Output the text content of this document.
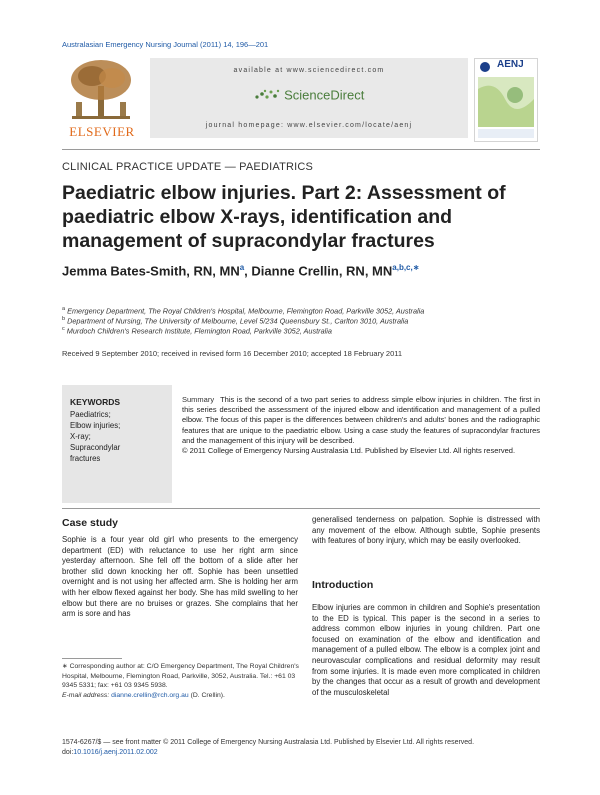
Australasian Emergency Nursing Journal (2011) 14, 196—201
ELSEVIER
available at www.sciencedirect.com
ScienceDirect
journal homepage: www.elsevier.com/locate/aenj
AENJ
CLINICAL PRACTICE UPDATE — PAEDIATRICS
Paediatric elbow injuries. Part 2: Assessment of paediatric elbow X-rays, identification and management of supracondylar fractures
Jemma Bates-Smith, RN, $MN^a$, Dianne Crellin, RN, $MN^{a,b,c,∗}$
$^a$ Emergency Department, The Royal Children's Hospital, Melbourne, Flemington Road, Parkville 3052, Australia
$^b$ Department of Nursing, The University of Melbourne, Level 5/234 Queensbury St., Carlton 3010, Australia
$^c$ Murdoch Children's Research Institute, Flemington Road, Parkville 3052, Australia
Received 9 September 2010; received in revised form 16 December 2010; accepted 18 February 2011
KEYWORDS
Paediatrics;
Elbow injuries;
X-ray;
Supracondylar
fractures
Summary This is the second of a two part series to address simple elbow injuries in children. The first in this series described the assessment of the injured elbow and identification and management of a pulled elbow. The focus of this paper is the differences between children's and adults' bones and the radiographic features that are unique to the paediatric elbow. Using a case study the features of supracondylar fractures and the management of this injury will be described.
© 2011 College of Emergency Nursing Australasia Ltd. Published by Elsevier Ltd. All rights reserved.
Case study
Sophie is a four year old girl who presents to the emergency department (ED) with reluctance to use her right arm since yesterday afternoon. She fell off the bottom of a slide after her brother slid down knocking her off. Sophie has been unsettled overnight and is not using her affected arm. She is holding her arm with her elbow flexed against her body. She has mild swelling to her elbow but there are no bruises or grazes. She complains that her arm is sore and has
generalised tenderness on palpation. Sophie is distressed with any movement of the elbow. Although subtle, Sophie presents with features of bony injury, which may be easily overlooked.
Introduction
Elbow injuries are common in children and Sophie's presentation to the ED is typical. This paper is the second in a series to address common elbow injuries in young children. Part one focused on examination of the elbow and identification and management of a pulled elbow. The elbow is a complex joint and neurovascular complications and residual deformity may result from some injuries. It is made even more complicated in children by the changes that occur as a result of growth and development of the musculoskeletal
∗ Corresponding author at: C/O Emergency Department, The Royal Children's Hospital, Melbourne, Flemington Road, Parkville, 3052, Australia. Tel.: +61 03 9345 5331; fax: +61 03 9345 5938.
E-mail address: dianne.crellin@rch.org.au (D. Crellin).
1574-6267/$ — see front matter © 2011 College of Emergency Nursing Australasia Ltd. Published by Elsevier Ltd. All rights reserved.
doi:10.1016/j.aenj.2011.02.002
